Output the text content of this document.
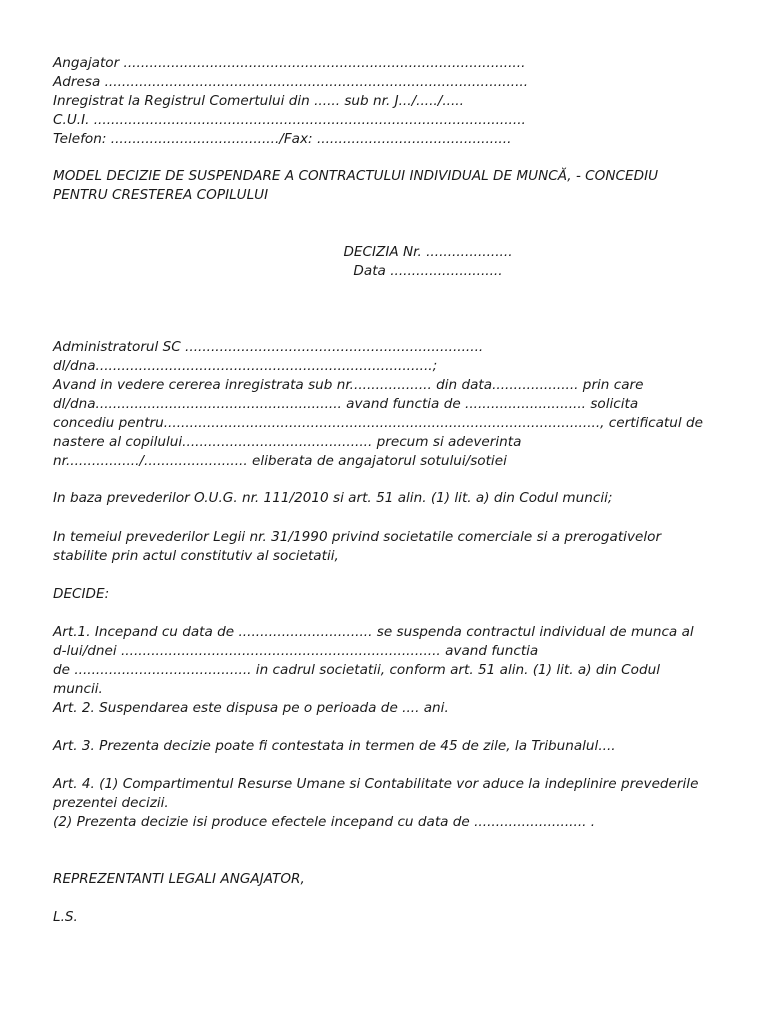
Angajator .............................................................................................
Adresa ..................................................................................................
Inregistrat la Registrul Comertului din ...... sub nr. J.../...../.....
C.U.I. ....................................................................................................
Telefon: ......................................./Fax: .............................................
MODEL DECIZIE DE SUSPENDARE A CONTRACTULUI INDIVIDUAL DE MUNCĂ, - CONCEDIU
PENTRU CRESTEREA COPILULUI
DECIZIA Nr. ....................
Data ..........................
Administratorul SC .....................................................................
dl/dna..............................................................................;
Avand in vedere cererea inregistrata sub nr................... din data.................... prin care
dl/dna......................................................... avand functia de ............................ solicita
concediu pentru....................................................................................................., certificatul de
nastere al copilului............................................ precum si adeverinta
nr................./........................ eliberata de angajatorul sotului/sotiei
In baza prevederilor O.U.G. nr. 111/2010 si art. 51 alin. (1) lit. a) din Codul muncii;
In temeiul prevederilor Legii nr. 31/1990 privind societatile comerciale si a prerogativelor
stabilite prin actul constitutiv al societatii,
DECIDE:
Art.1. Incepand cu data de ............................... se suspenda contractul individual de munca al
d-lui/dnei .......................................................................... avand functia
de ......................................... in cadrul societatii, conform art. 51 alin. (1) lit. a) din Codul
muncii.
Art. 2. Suspendarea este dispusa pe o perioada de .... ani.
Art. 3. Prezenta decizie poate fi contestata in termen de 45 de zile, la Tribunalul....
Art. 4. (1) Compartimentul Resurse Umane si Contabilitate vor aduce la indeplinire prevederile
prezentei decizii.
(2) Prezenta decizie isi produce efectele incepand cu data de .......................... .
REPREZENTANTI LEGALI ANGAJATOR,
L.S.
